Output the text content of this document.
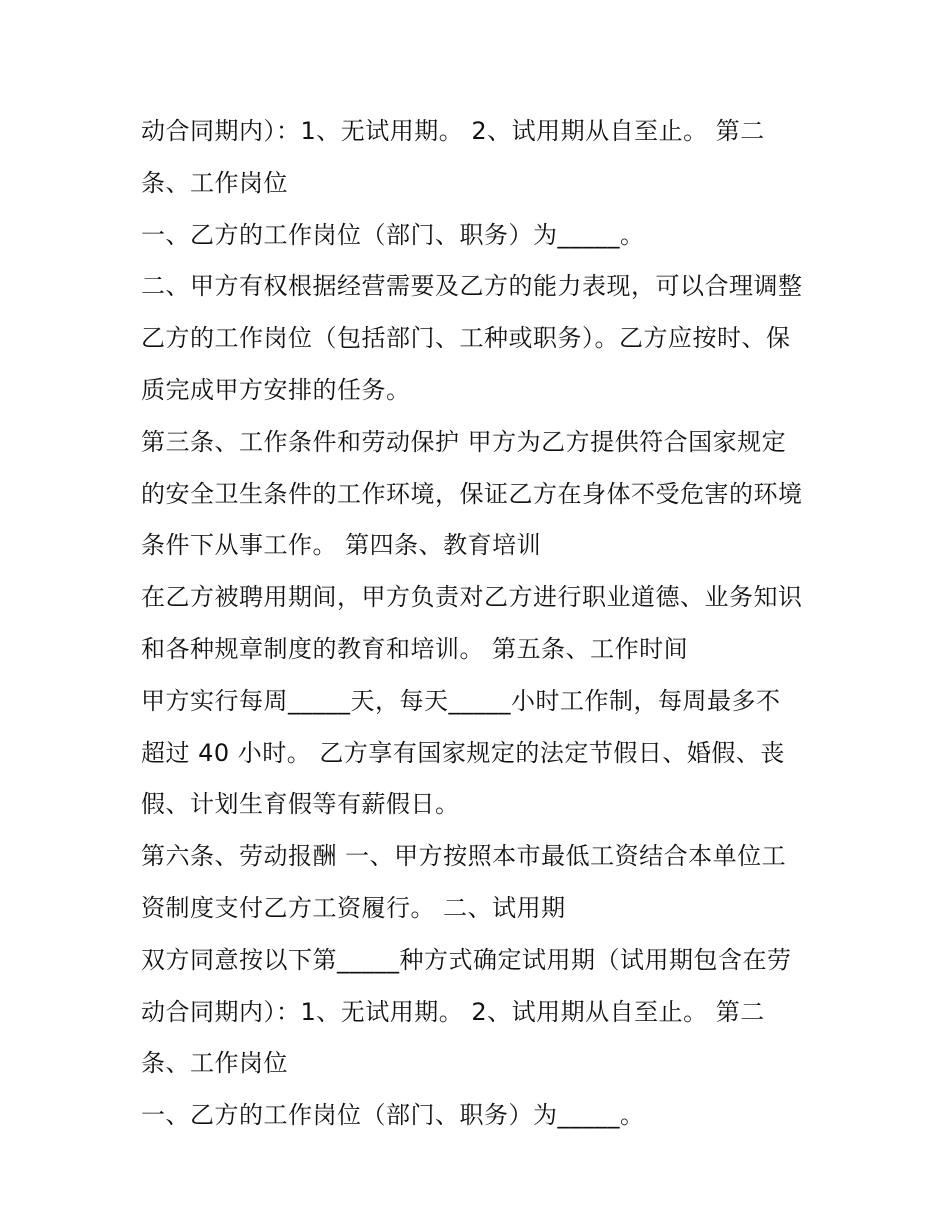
动合同期内）：1、无试用期。 2、试用期从自至止。 第二
条、工作岗位
一、乙方的工作岗位（部门、职务）为_____。
二、甲方有权根据经营需要及乙方的能力表现，可以合理调整
乙方的工作岗位（包括部门、工种或职务）。乙方应按时、保
质完成甲方安排的任务。
第三条、工作条件和劳动保护 甲方为乙方提供符合国家规定
的安全卫生条件的工作环境，保证乙方在身体不受危害的环境
条件下从事工作。 第四条、教育培训
在乙方被聘用期间，甲方负责对乙方进行职业道德、业务知识
和各种规章制度的教育和培训。 第五条、工作时间
甲方实行每周_____天，每天_____小时工作制，每周最多不
超过 40 小时。 乙方享有国家规定的法定节假日、婚假、丧
假、计划生育假等有薪假日。
第六条、劳动报酬 一、甲方按照本市最低工资结合本单位工
资制度支付乙方工资履行。 二、试用期
双方同意按以下第_____种方式确定试用期（试用期包含在劳
动合同期内）：1、无试用期。 2、试用期从自至止。 第二
条、工作岗位
一、乙方的工作岗位（部门、职务）为_____。
